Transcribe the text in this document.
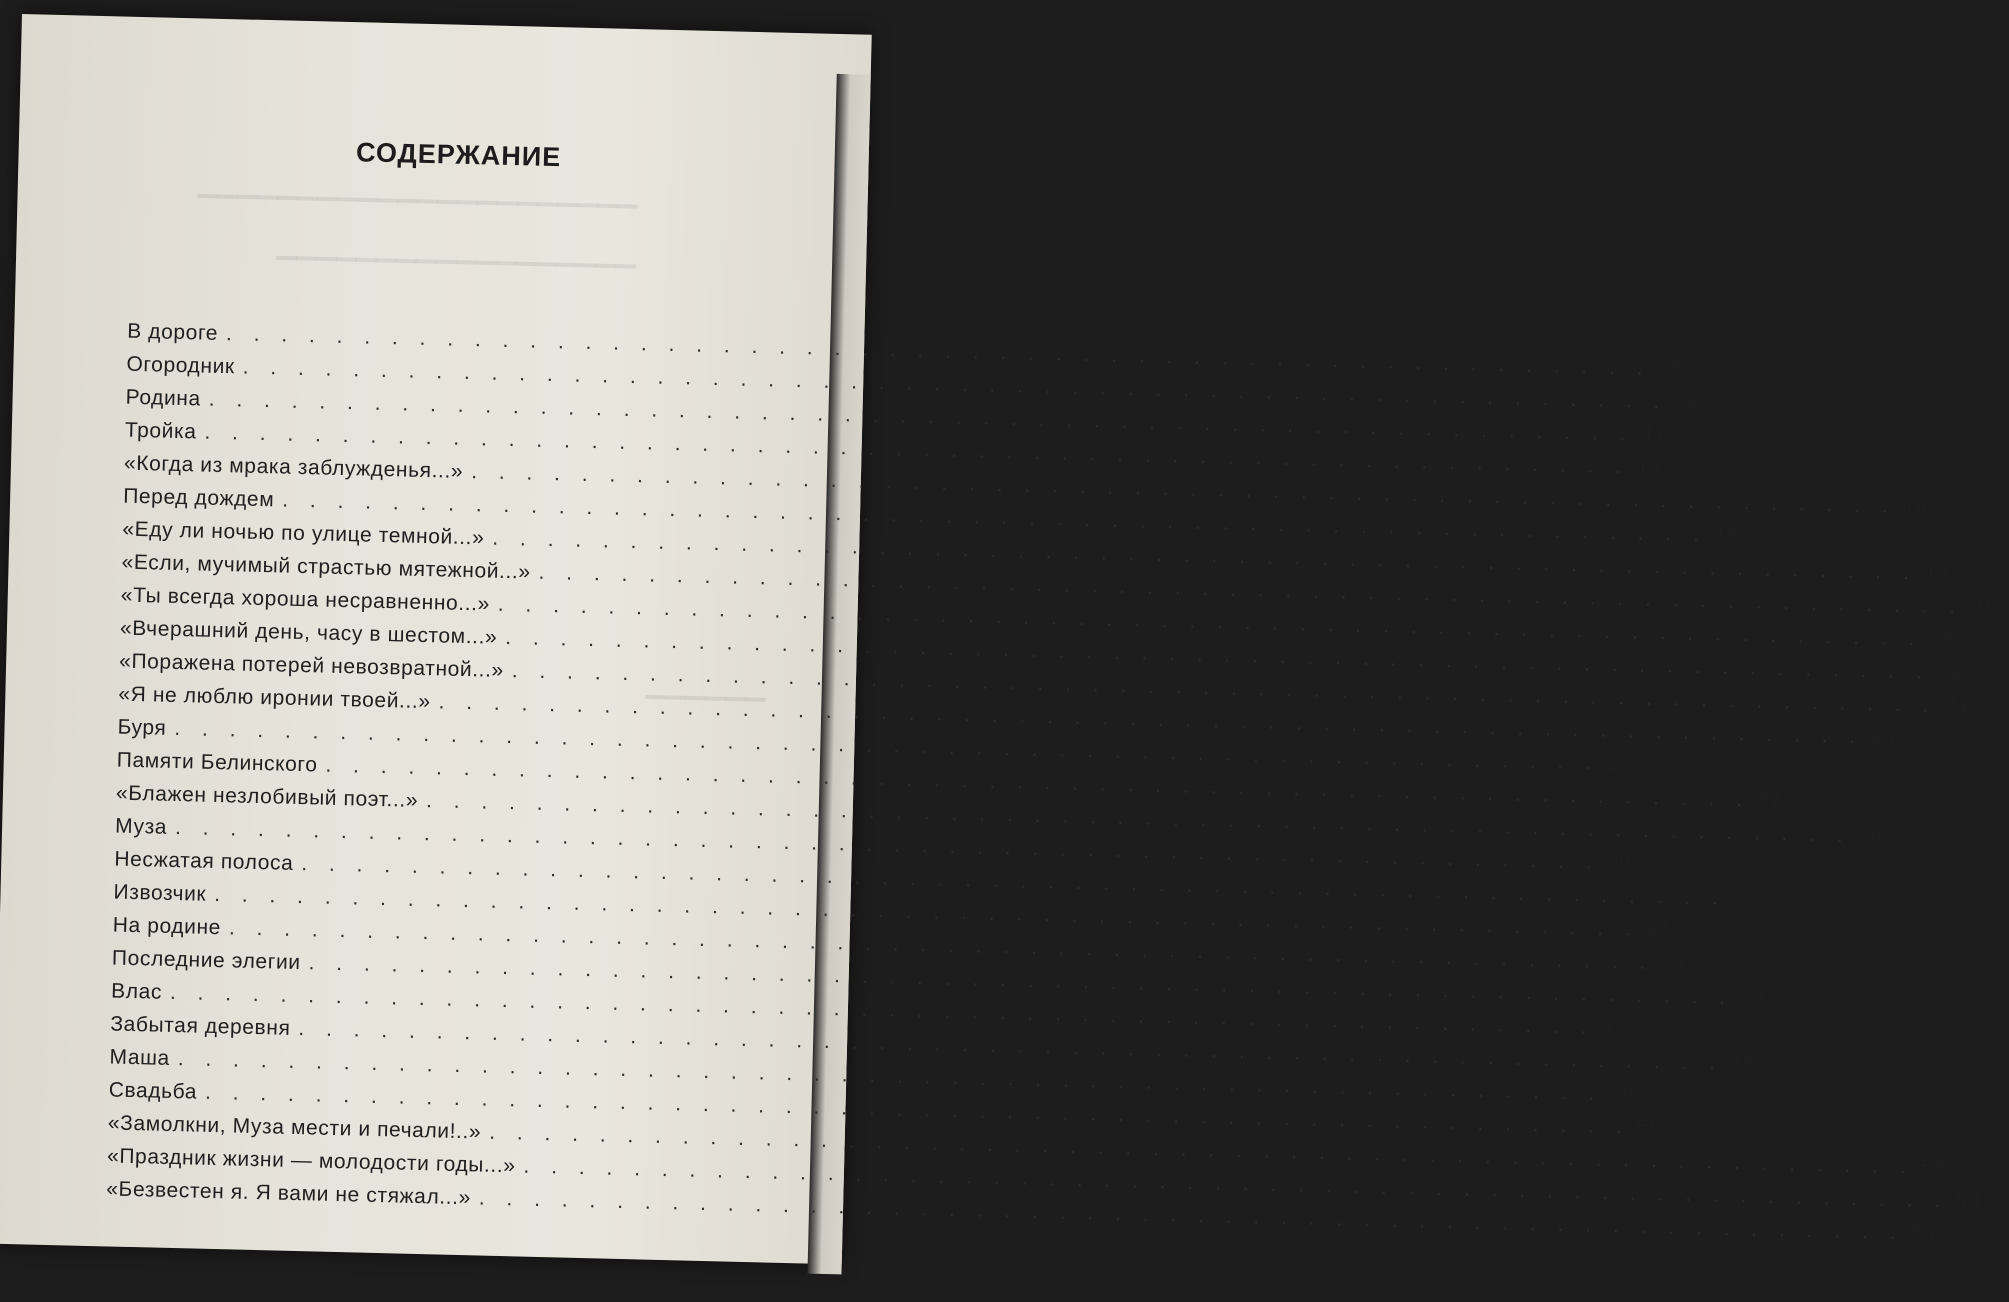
▁▁▁▁▁▁▁▁▁▁▁▁▁▁▁▁▁▁▁▁▁▁
▁▁▁▁▁▁▁▁▁▁▁▁▁▁▁▁▁▁
▁▁▁▁▁▁
СОДЕРЖАНИЕ
В дороге
. . .
5
Огородник
. . .
8
Родина
. . .
11
Тройка
. . .
14
«Когда из мрака заблужденья...»
. . .
16
Перед дождем
. . .
18
«Еду ли ночью по улице темной...»
. . .
19
«Если, мучимый страстью мятежной...»
. . .
21
«Ты всегда хороша несравненно...»
. . .
22
«Вчерашний день, часу в шестом...»
. . .
23
«Поражена потерей невозвратной...»
. . .
24
«Я не люблю иронии твоей...»
. . .
25
Буря
. . .
26
Памяти Белинского
. . .
27
«Блажен незлобивый поэт...»
. . .
28
Муза
. . .
30
Несжатая полоса
. . .
32
Извозчик
. . .
34
На родине
. . .
38
Последние элегии
. . .
39
Влас
. . .
42
Забытая деревня
. . .
46
Маша
. . .
48
Свадьба
. . .
50
«Замолкни, Муза мести и печали!..»
. . .
52
«Праздник жизни — молодости годы...»
. . .
53
«Безвестен я. Я вами не стяжал...»
. . .
54
